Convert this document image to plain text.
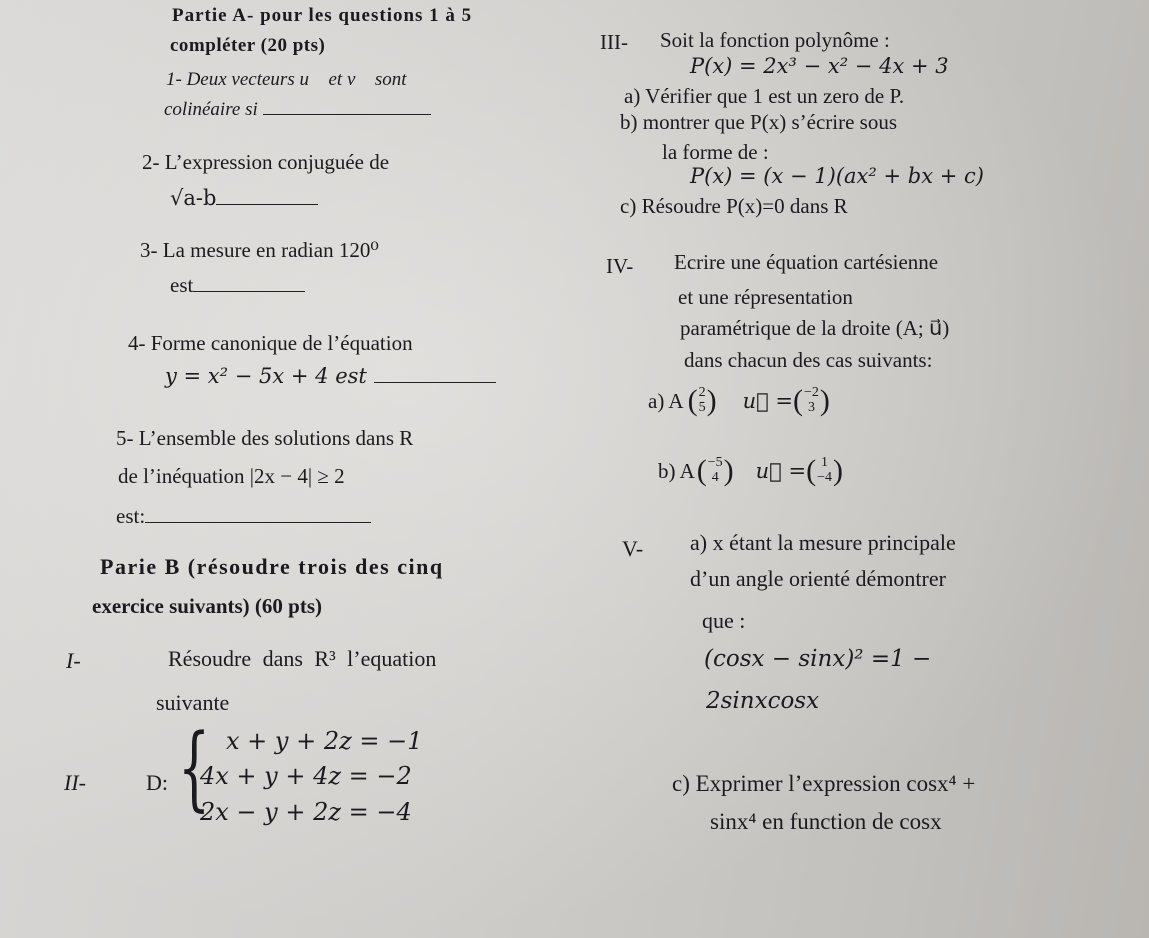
Partie A- pour les questions 1 à 5
compléter (20 pts)
1- Deux vecteurs u⃗ et v⃗ sont
colinéaire si
2- L’expression conjuguée de
√a-b
3- La mesure en radian 120⁰
est
4- Forme canonique de l’équation
y = x² − 5x + 4 est
5- L’ensemble des solutions dans R
de l’inéquation |2x − 4| ≥ 2
est:
Parie B (résoudre trois des cinq
exercice suivants) (60 pts)
I-	Résoudre dans R³ l’equation
suivante
II-	D: { x + y + 2z = −1
4x + y + 4z = −2
2x − y + 2z = −4
III- Soit la fonction polynôme :
P(x) = 2x³ − x² − 4x + 3
a) Vérifier que 1 est un zero de P.
b) montrer que P(x) s’écrire sous
la forme de :
P(x) = (x − 1)(ax² + bx + c)
c) Résoudre P(x)=0 dans R
IV- Ecrire une équation cartésienne
et une répresentation
paramétrique de la droite (A; u⃗)
dans chacun des cas suivants:
a) A ( 2
5 ) u⃗ = ( −2
3 )
b) A ( −5
4 ) u⃗ = ( 1
−4 )
V- a) x étant la mesure principale
d’un angle orienté démontrer
que :
(cosx − sinx)² =1 −
2sinxcosx
c) Exprimer l’expression cosx⁴ +
sinx⁴ en function de cosx
